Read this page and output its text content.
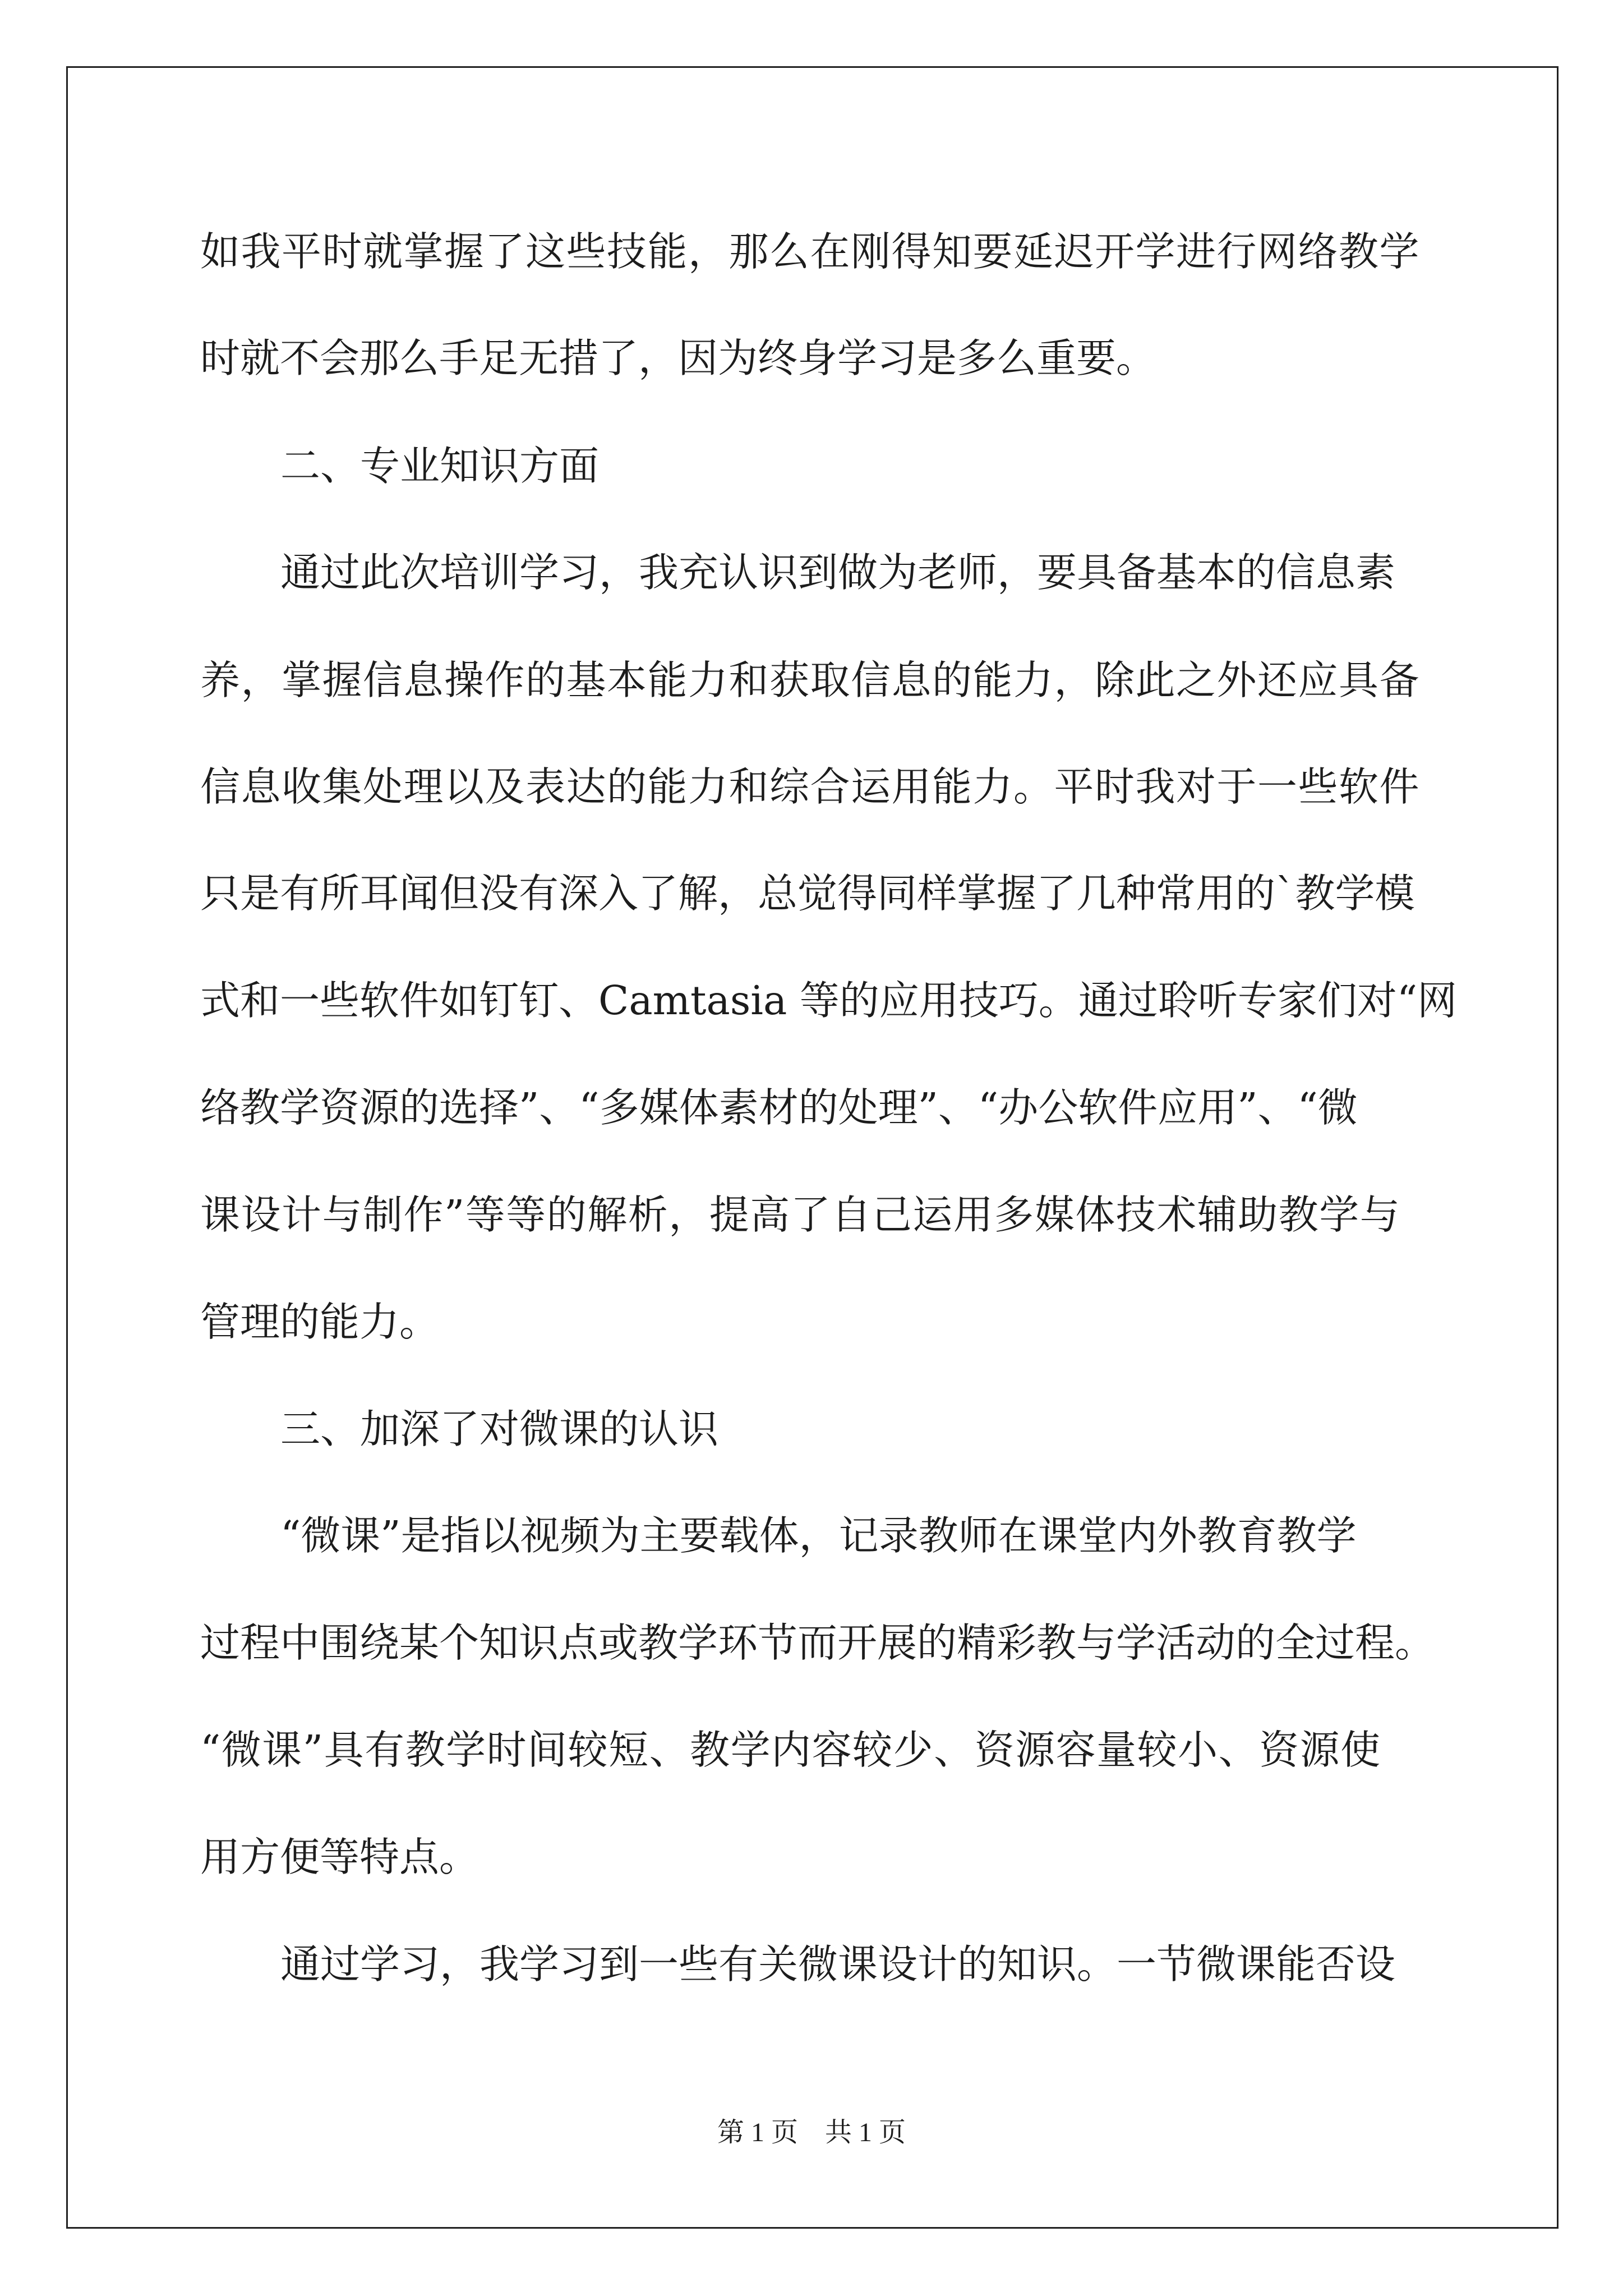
如我平时就掌握了这些技能，那么在刚得知要延迟开学进行网络教学

时就不会那么手足无措了，因为终身学习是多么重要。

二、专业知识方面

通过此次培训学习，我充认识到做为老师，要具备基本的信息素

养，掌握信息操作的基本能力和获取信息的能力，除此之外还应具备

信息收集处理以及表达的能力和综合运用能力。平时我对于一些软件

只是有所耳闻但没有深入了解，总觉得同样掌握了几种常用的`教学模

式和一些软件如钉钉、Camtasia 等的应用技巧。通过聆听专家们对“网

络教学资源的选择”、“多媒体素材的处理”、“办公软件应用”、“微

课设计与制作”等等的解析，提高了自己运用多媒体技术辅助教学与

管理的能力。

三、加深了对微课的认识

“微课”是指以视频为主要载体，记录教师在课堂内外教育教学

过程中围绕某个知识点或教学环节而开展的精彩教与学活动的全过程。

“微课”具有教学时间较短、教学内容较少、资源容量较小、资源使

用方便等特点。

通过学习，我学习到一些有关微课设计的知识。一节微课能否设

第 1 页    共 1 页
